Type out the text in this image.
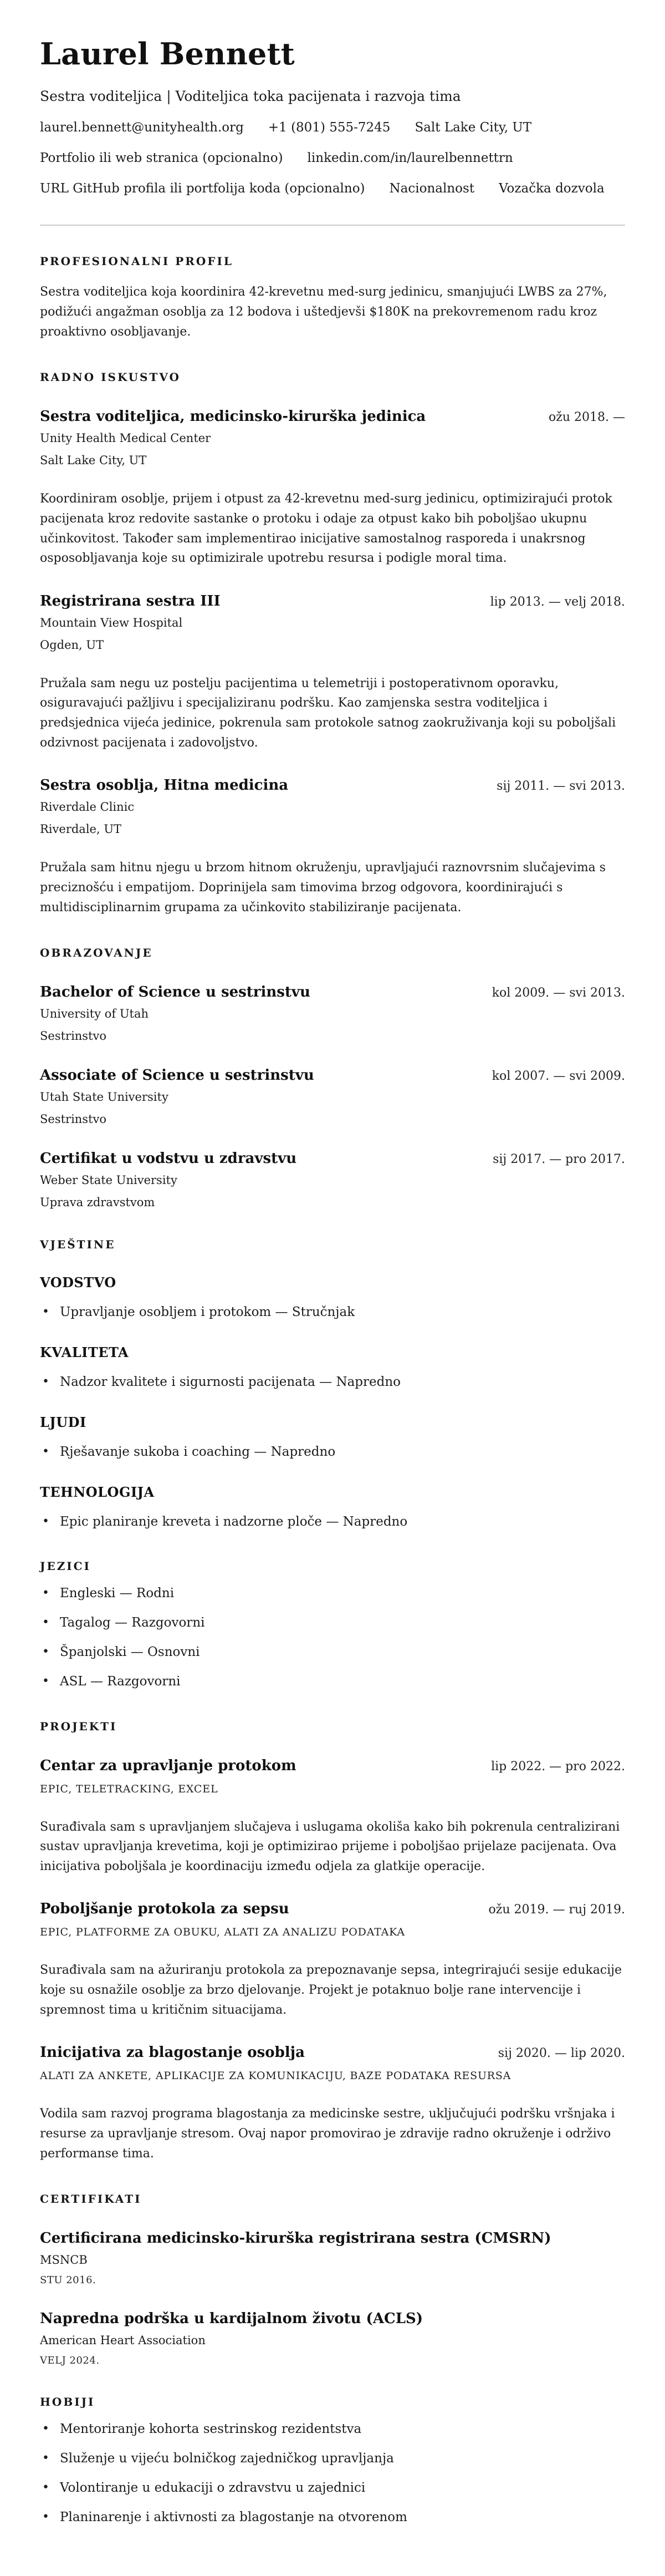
Laurel Bennett
Sestra voditeljica | Voditeljica toka pacijenata i razvoja tima
laurel.bennett@unityhealth.org +1 (801) 555-7245 Salt Lake City, UT
Portfolio ili web stranica (opcionalno) linkedin.com/in/laurelbennettrn
URL GitHub profila ili portfolija koda (opcionalno) Nacionalnost Vozačka dozvola
PROFESIONALNI PROFIL

Sestra voditeljica koja koordinira 42-krevetnu med-surg jedinicu, smanjujući LWBS za 27%, podižući angažman osoblja za 12 bodova i uštedjevši $180K na prekovremenom radu kroz proaktivno osobljavanje.

RADNO ISKUSTVO
Sestra voditeljica, medicinsko-kirurška jedinica	ožu 2018. —
Unity Health Medical Center
Salt Lake City, UT

Koordiniram osoblje, prijem i otpust za 42-krevetnu med-surg jedinicu, optimizirajući protok pacijenata kroz redovite sastanke o protoku i odaje za otpust kako bih poboljšao ukupnu učinkovitost. Također sam implementirao inicijative samostalnog rasporeda i unakrsnog osposobljavanja koje su optimizirale upotrebu resursa i podigle moral tima.

Registrirana sestra III	lip 2013. — velj 2018.
Mountain View Hospital
Ogden, UT

Pružala sam negu uz postelju pacijentima u telemetriji i postoperativnom oporavku, osiguravajući pažljivu i specijaliziranu podršku. Kao zamjenska sestra voditeljica i predsjednica vijeća jedinice, pokrenula sam protokole satnog zaokruživanja koji su poboljšali odzivnost pacijenata i zadovoljstvo.

Sestra osoblja, Hitna medicina	sij 2011. — svi 2013.
Riverdale Clinic
Riverdale, UT

Pružala sam hitnu njegu u brzom hitnom okruženju, upravljajući raznovrsnim slučajevima s preciznošću i empatijom. Doprinijela sam timovima brzog odgovora, koordinirajući s multidisciplinarnim grupama za učinkovito stabiliziranje pacijenata.

OBRAZOVANJE
Bachelor of Science u sestrinstvu	kol 2009. — svi 2013.
University of Utah
Sestrinstvo
Associate of Science u sestrinstvu	kol 2007. — svi 2009.
Utah State University
Sestrinstvo
Certifikat u vodstvu u zdravstvu	sij 2017. — pro 2017.
Weber State University
Uprava zdravstvom
VJEŠTINE
VODSTVO
• Upravljanje osobljem i protokom — Stručnjak
KVALITETA
• Nadzor kvalitete i sigurnosti pacijenata — Napredno
LJUDI
• Rješavanje sukoba i coaching — Napredno
TEHNOLOGIJA
• Epic planiranje kreveta i nadzorne ploče — Napredno
JEZICI
• Engleski — Rodni
• Tagalog — Razgovorni
• Španjolski — Osnovni
• ASL — Razgovorni
PROJEKTI
Centar za upravljanje protokom	lip 2022. — pro 2022.
EPIC, TELETRACKING, EXCEL

Surađivala sam s upravljanjem slučajeva i uslugama okoliša kako bih pokrenula centralizirani sustav upravljanja krevetima, koji je optimizirao prijeme i poboljšao prijelaze pacijenata. Ova inicijativa poboljšala je koordinaciju između odjela za glatkije operacije.

Poboljšanje protokola za sepsu	ožu 2019. — ruj 2019.
EPIC, PLATFORME ZA OBUKU, ALATI ZA ANALIZU PODATAKA

Surađivala sam na ažuriranju protokola za prepoznavanje sepsa, integrirajući sesije edukacije koje su osnažile osoblje za brzo djelovanje. Projekt je potaknuo bolje rane intervencije i spremnost tima u kritičnim situacijama.

Inicijativa za blagostanje osoblja	sij 2020. — lip 2020.
ALATI ZA ANKETE, APLIKACIJE ZA KOMUNIKACIJU, BAZE PODATAKA RESURSA

Vodila sam razvoj programa blagostanja za medicinske sestre, uključujući podršku vršnjaka i resurse za upravljanje stresom. Ovaj napor promovirao je zdravije radno okruženje i održivo performanse tima.

CERTIFIKATI
Certificirana medicinsko-kirurška registrirana sestra (CMSRN)
MSNCB
STU 2016.
Napredna podrška u kardijalnom životu (ACLS)
American Heart Association
VELJ 2024.
HOBIJI
• Mentoriranje kohorta sestrinskog rezidentstva
• Služenje u vijeću bolničkog zajedničkog upravljanja
• Volontiranje u edukaciji o zdravstvu u zajednici
• Planinarenje i aktivnosti za blagostanje na otvorenom
